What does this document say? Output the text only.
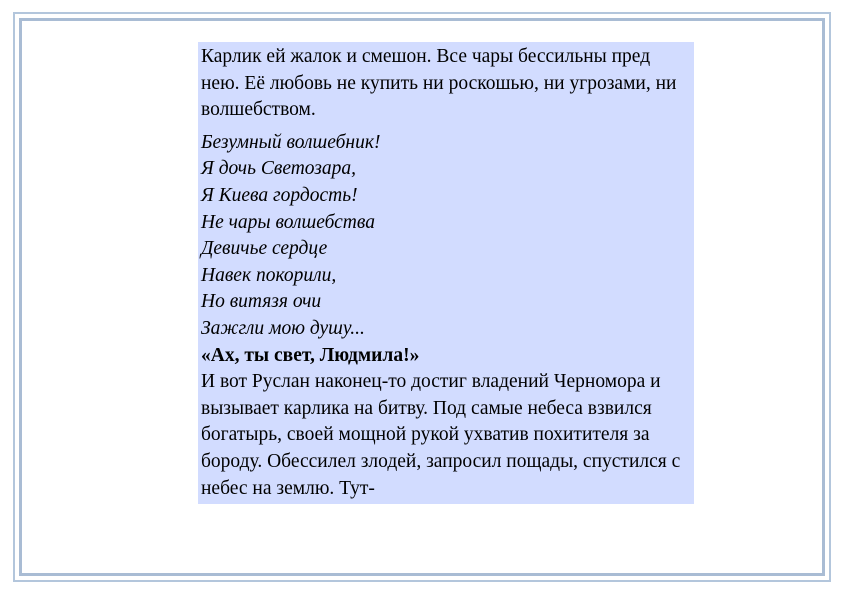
Карлик ей жалок и смешон. Все чары бессильны пред нею. Её любовь не купить ни роскошью, ни угрозами, ни волшебством.

Безумный волшебник!
Я дочь Светозара,
Я Киева гордость!
Не чары волшебства
Девичье сердце
Навек покорили,
Но витязя очи
Зажгли мою душу...
«Ах, ты свет, Людмила!»

И вот Руслан наконец-то достиг владений Черномора и вызывает карлика на битву. Под самые небеса взвился богатырь, своей мощной рукой ухватив похитителя за бороду. Обессилел злодей, запросил пощады, спустился с небес на землю. Тут-
